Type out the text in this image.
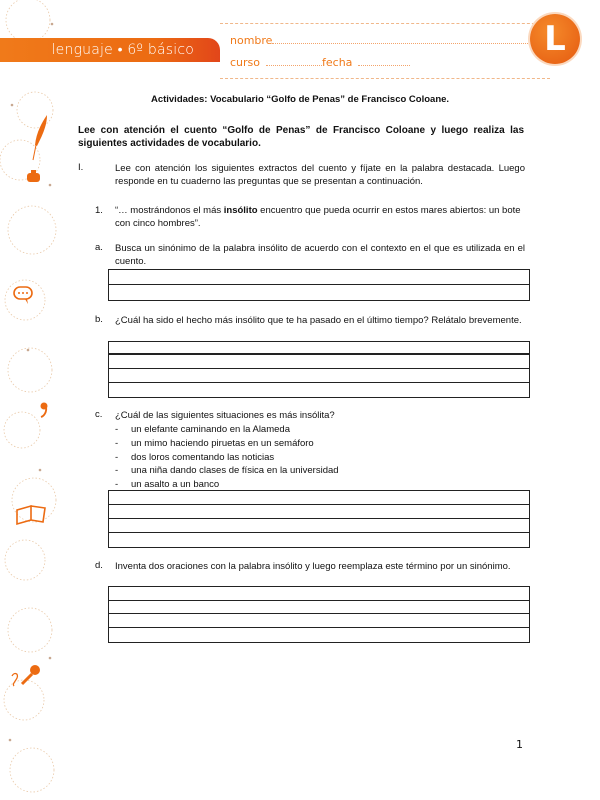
lenguaje • 6º básico
nombre
curso	fecha
L
Actividades: Vocabulario “Golfo de Penas” de Francisco Coloane.
Lee con atención el cuento “Golfo de Penas” de Francisco Coloane y luego realiza las siguientes actividades de vocabulario.
I.	Lee con atención los siguientes extractos del cuento y fíjate en la palabra destacada. Luego responde en tu cuaderno las preguntas que se presentan a continuación.
1. “… mostrándonos el más insólito encuentro que pueda ocurrir en estos mares abiertos: un bote con cinco hombres”.
a. Busca un sinónimo de la palabra insólito de acuerdo con el contexto en el que es utilizada en el cuento.
b. ¿Cuál ha sido el hecho más insólito que te ha pasado en el último tiempo? Relátalo brevemente.
c. ¿Cuál de las siguientes situaciones es más insólita?
- un elefante caminando en la Alameda
- un mimo haciendo piruetas en un semáforo
- dos loros comentando las noticias
- una niña dando clases de física en la universidad
- un asalto a un banco
d. Inventa dos oraciones con la palabra insólito y luego reemplaza este término por un sinónimo.
1
